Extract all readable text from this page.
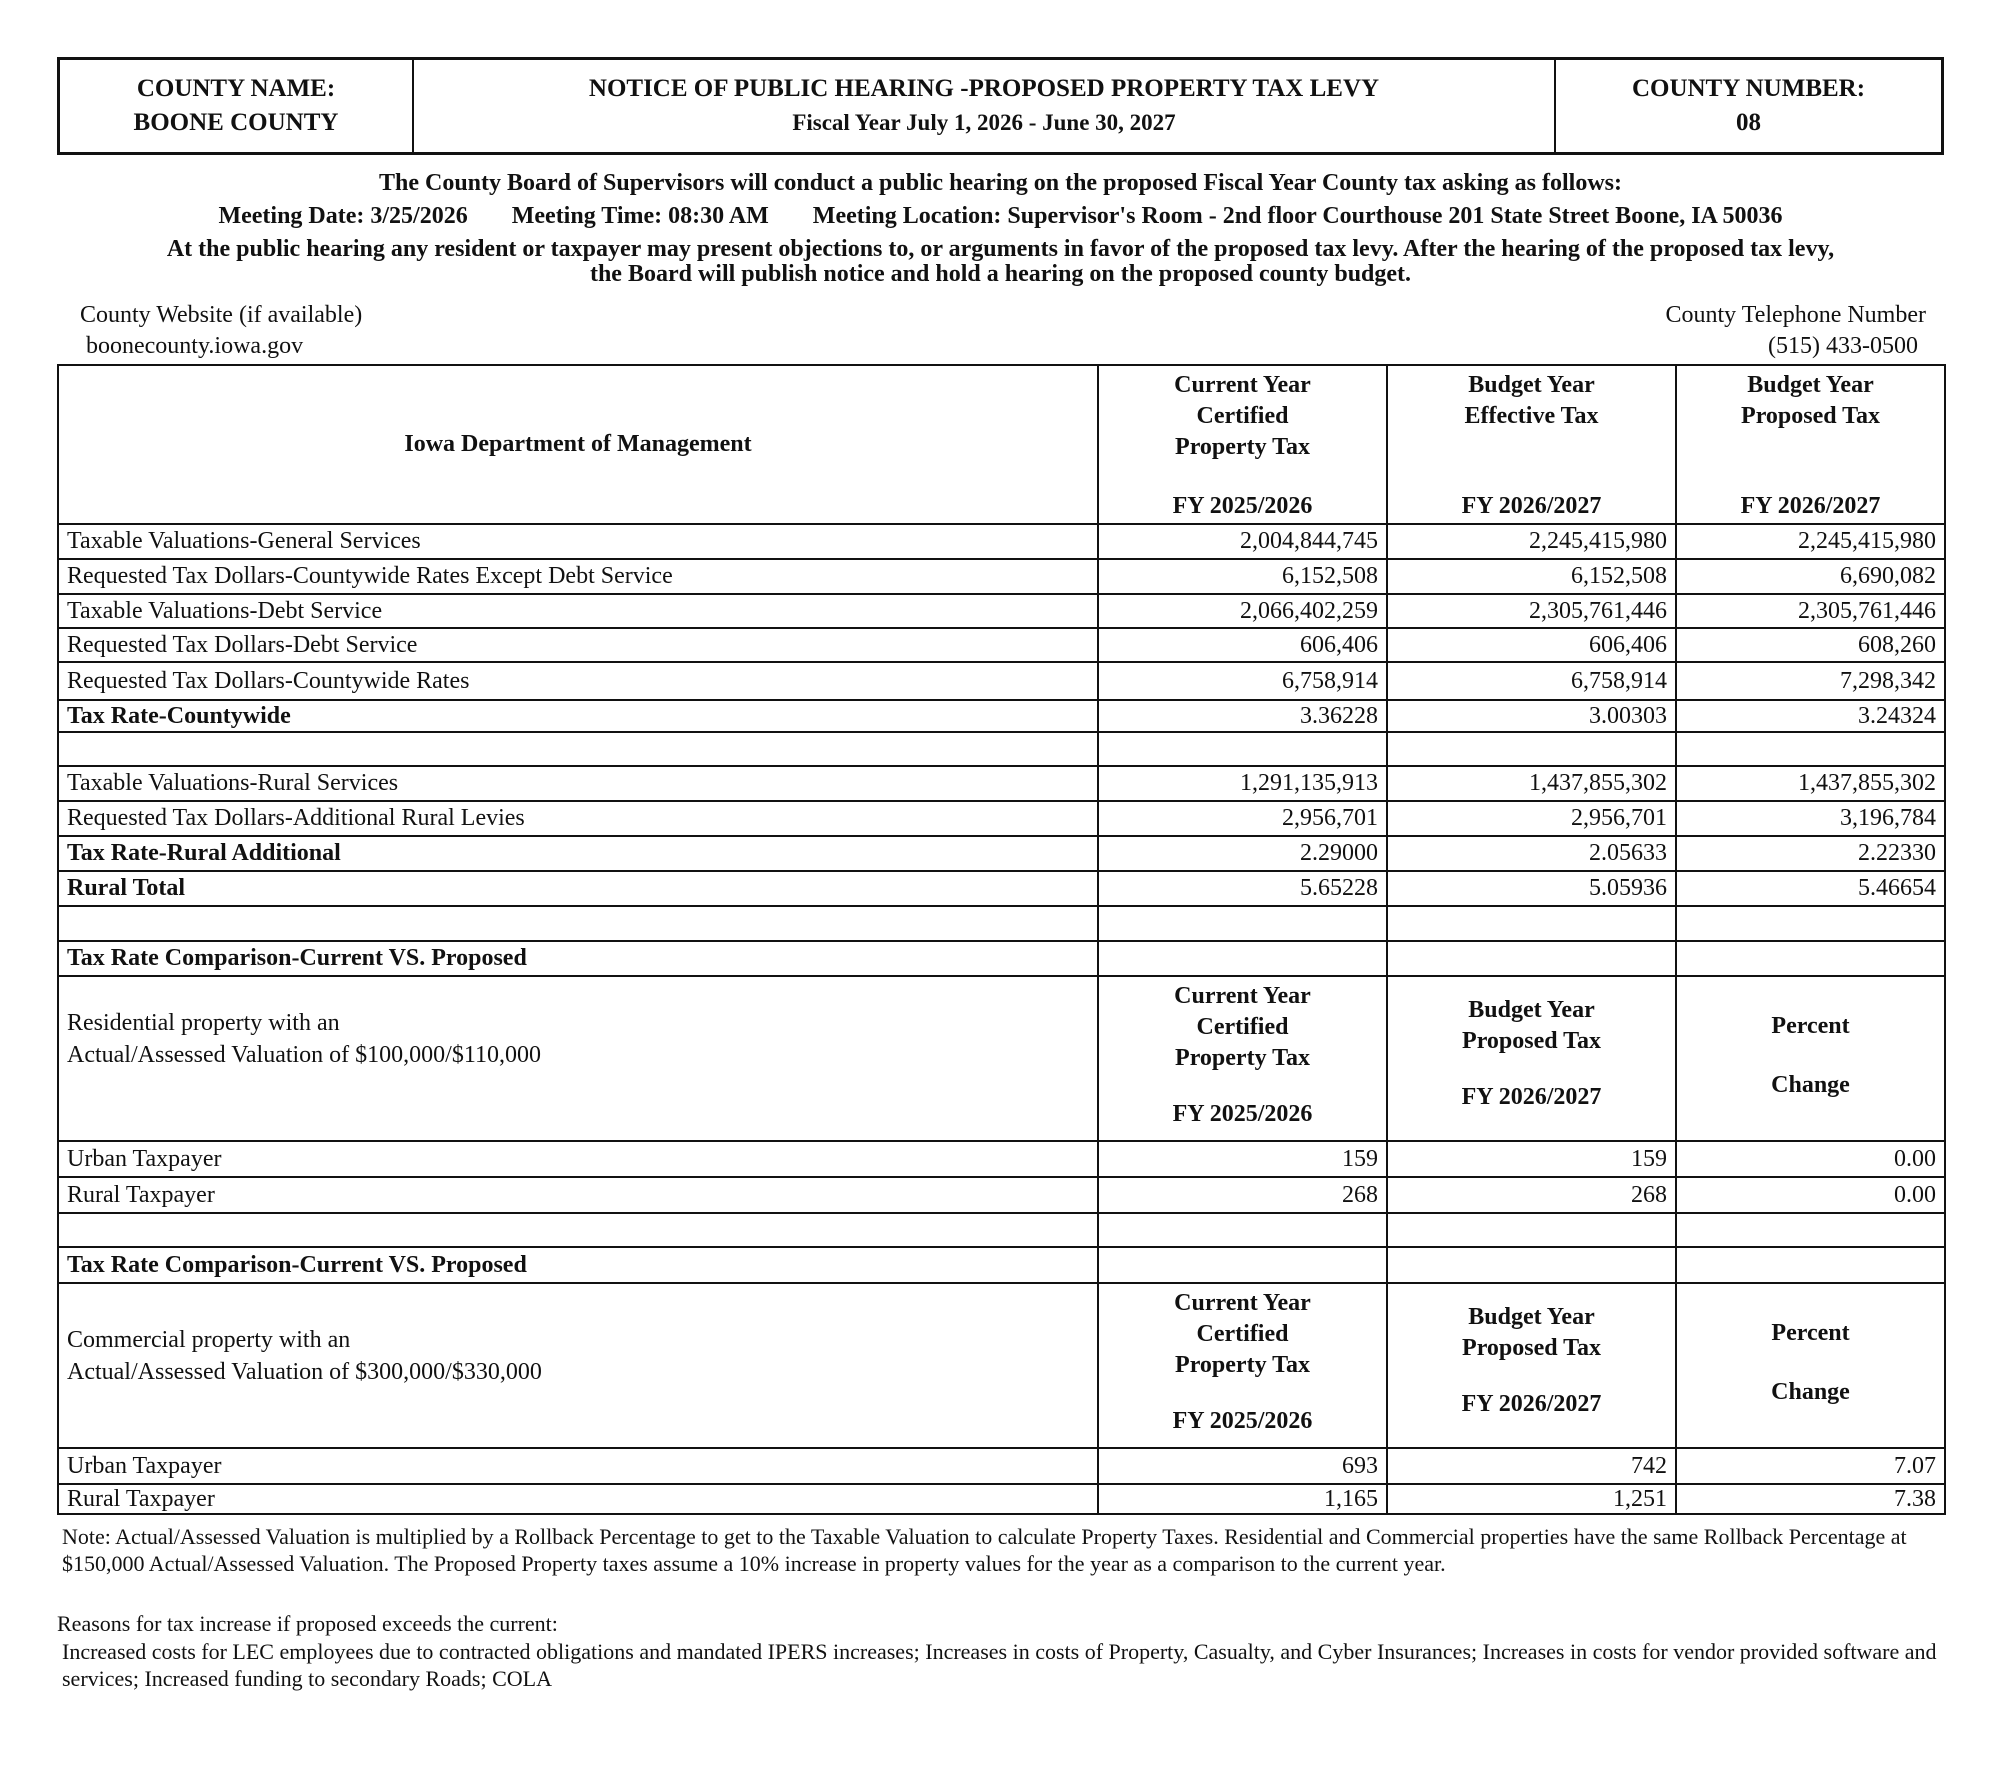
COUNTY NAME:
BOONE COUNTY
NOTICE OF PUBLIC HEARING -PROPOSED PROPERTY TAX LEVY
Fiscal Year July 1, 2026 - June 30, 2027
COUNTY NUMBER:
08
The County Board of Supervisors will conduct a public hearing on the proposed Fiscal Year County tax asking as follows:
Meeting Date: 3/25/2026 Meeting Time: 08:30 AM Meeting Location: Supervisor's Room - 2nd floor Courthouse 201 State Street Boone, IA 50036
At the public hearing any resident or taxpayer may present objections to, or arguments in favor of the proposed tax levy. After the hearing of the proposed tax levy,
the Board will publish notice and hold a hearing on the proposed county budget.
County Website (if available)
boonecounty.iowa.gov
County Telephone Number
(515) 433-0500
Iowa Department of Management	
Current Year
Certified
Property Tax
FY 2025/2026

Budget Year
Effective Tax
FY 2026/2027

Budget Year
Proposed Tax
FY 2026/2027

Taxable Valuations-General Services	2,004,844,745	2,245,415,980	2,245,415,980
Requested Tax Dollars-Countywide Rates Except Debt Service	6,152,508	6,152,508	6,690,082
Taxable Valuations-Debt Service	2,066,402,259	2,305,761,446	2,305,761,446
Requested Tax Dollars-Debt Service	606,406	606,406	608,260
Requested Tax Dollars-Countywide Rates	6,758,914	6,758,914	7,298,342
Tax Rate-Countywide	3.36228	3.00303	3.24324

Taxable Valuations-Rural Services	1,291,135,913	1,437,855,302	1,437,855,302
Requested Tax Dollars-Additional Rural Levies	2,956,701	2,956,701	3,196,784
Tax Rate-Rural Additional	2.29000	2.05633	2.22330
Rural Total	5.65228	5.05936	5.46654

Tax Rate Comparison-Current VS. Proposed			

Residential property with an
Actual/Assessed Valuation of $100,000/$110,000

Current Year
Certified
Property Tax
FY 2025/2026

Budget Year
Proposed Tax
FY 2026/2027

Percent
Change

Urban Taxpayer	159	159	0.00
Rural Taxpayer	268	268	0.00

Tax Rate Comparison-Current VS. Proposed			

Commercial property with an
Actual/Assessed Valuation of $300,000/$330,000

Current Year
Certified
Property Tax
FY 2025/2026

Budget Year
Proposed Tax
FY 2026/2027

Percent
Change

Urban Taxpayer	693	742	7.07
Rural Taxpayer	1,165	1,251	7.38
Note: Actual/Assessed Valuation is multiplied by a Rollback Percentage to get to the Taxable Valuation to calculate Property Taxes. Residential and Commercial properties have the same Rollback Percentage at $150,000 Actual/Assessed Valuation. The Proposed Property taxes assume a 10% increase in property values for the year as a comparison to the current year.
Reasons for tax increase if proposed exceeds the current:
Increased costs for LEC employees due to contracted obligations and mandated IPERS increases; Increases in costs of Property, Casualty, and Cyber Insurances; Increases in costs for vendor provided software and services; Increased funding to secondary Roads; COLA
